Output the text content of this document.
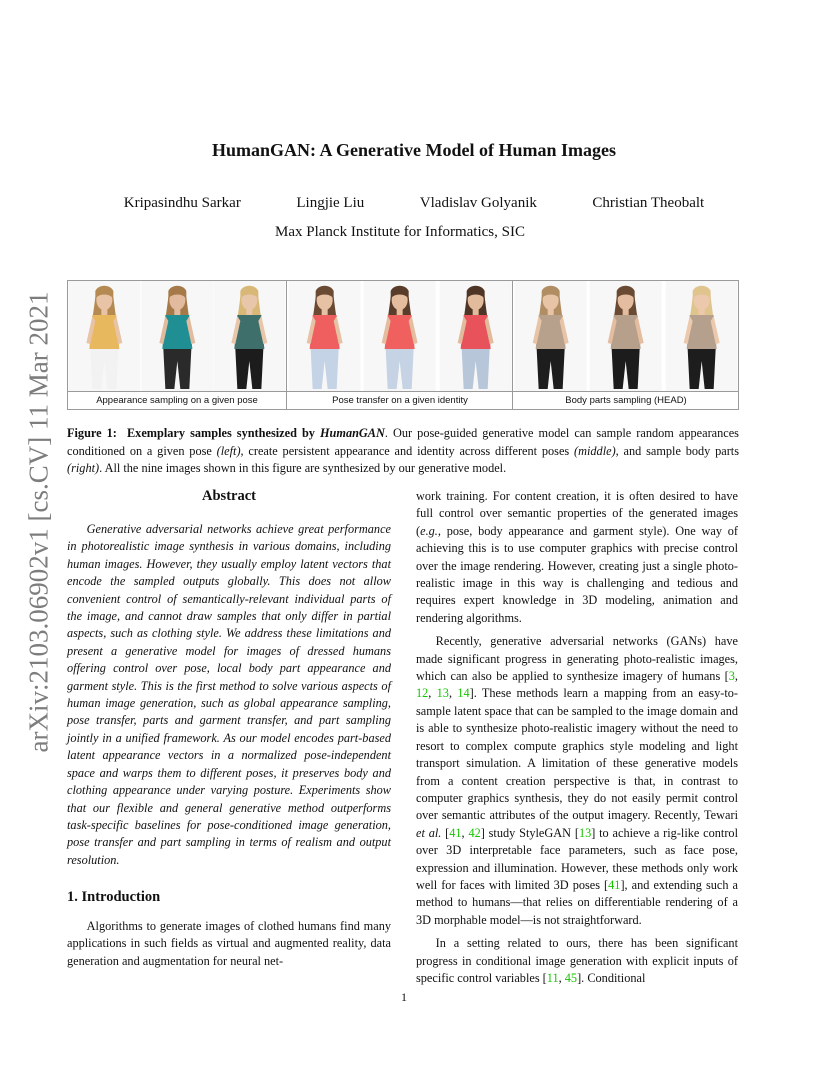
arXiv:2103.06902v1 [cs.CV] 11 Mar 2021
HumanGAN: A Generative Model of Human Images
Kripasindhu Sarkar	Lingjie Liu	Vladislav Golyanik	Christian Theobalt
Max Planck Institute for Informatics, SIC
Appearance sampling on a given pose	Pose transfer on a given identity	Body parts sampling (HEAD)
Figure 1: Exemplary samples synthesized by HumanGAN. Our pose-guided generative model can sample random appearances conditioned on a given pose (left), create persistent appearance and identity across different poses (middle), and sample body parts (right). All the nine images shown in this figure are synthesized by our generative model.
Abstract

Generative adversarial networks achieve great performance in photorealistic image synthesis in various domains, including human images. However, they usually employ latent vectors that encode the sampled outputs globally. This does not allow convenient control of semantically-relevant individual parts of the image, and cannot draw samples that only differ in partial aspects, such as clothing style. We address these limitations and present a generative model for images of dressed humans offering control over pose, local body part appearance and garment style. This is the first method to solve various aspects of human image generation, such as global appearance sampling, pose transfer, parts and garment transfer, and part sampling jointly in a unified framework. As our model encodes part-based latent appearance vectors in a normalized pose-independent space and warps them to different poses, it preserves body and clothing appearance under varying posture. Experiments show that our flexible and general generative method outperforms task-specific baselines for pose-conditioned image generation, pose transfer and part sampling in terms of realism and output resolution.

1. Introduction

Algorithms to generate images of clothed humans find many applications in such fields as virtual and augmented reality, data generation and augmentation for neural net-

work training. For content creation, it is often desired to have full control over semantic properties of the generated images (e.g., pose, body appearance and garment style). One way of achieving this is to use computer graphics with precise control over the image rendering. However, creating just a single photo-realistic image in this way is challenging and tedious and requires expert knowledge in 3D modeling, animation and rendering algorithms.

Recently, generative adversarial networks (GANs) have made significant progress in generating photo-realistic images, which can also be applied to synthesize imagery of humans [3, 12, 13, 14]. These methods learn a mapping from an easy-to-sample latent space that can be sampled to the image domain and is able to synthesize photo-realistic imagery without the need to resort to complex compute graphics style modeling and light transport simulation. A limitation of these generative models from a content creation perspective is that, in contrast to computer graphics synthesis, they do not easily permit control over semantic attributes of the output imagery. Recently, Tewari et al. [41, 42] study StyleGAN [13] to achieve a rig-like control over 3D interpretable face parameters, such as face pose, expression and illumination. However, these methods only work well for faces with limited 3D poses [41], and extending such a method to humans—that relies on differentiable rendering of a 3D morphable model—is not straightforward.

In a setting related to ours, there has been significant progress in conditional image generation with explicit inputs of specific control variables [11, 45]. Conditional

1
